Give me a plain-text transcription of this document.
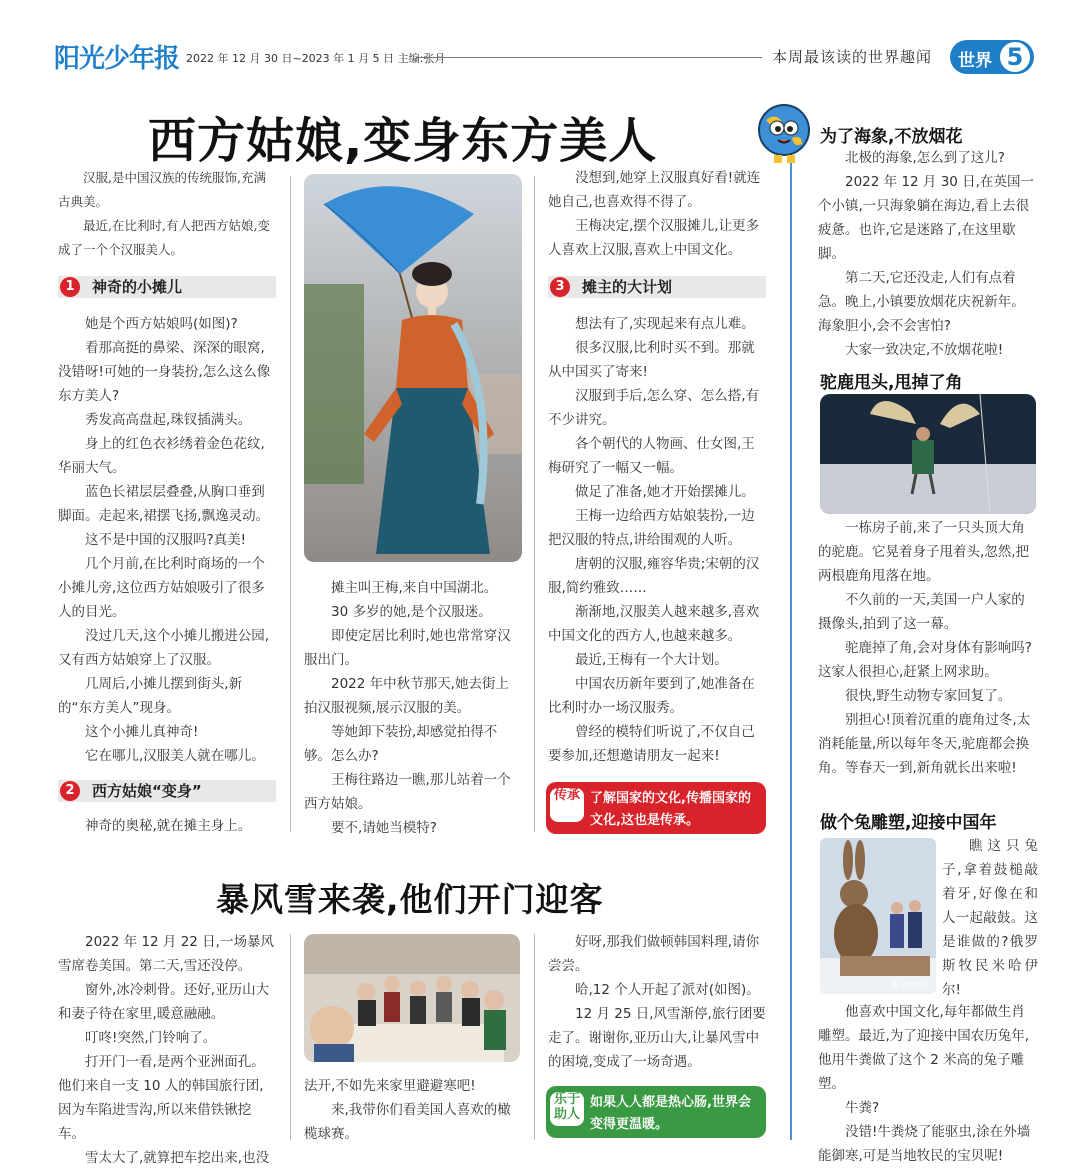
阳光少年报 2022 年 12 月 30 日~2023 年 1 月 5 日 主编:张月	本周最该读的世界趣闻 世界 5
西方姑娘,变身东方美人

汉服,是中国汉族的传统服饰,充满古典美。

最近,在比利时,有人把西方姑娘,变成了一个个汉服美人。

1	神奇的小摊儿

她是个西方姑娘吗(如图)?

看那高挺的鼻梁、深深的眼窝,没错呀!可她的一身装扮,怎么这么像东方美人?

秀发高高盘起,珠钗插满头。

身上的红色衣衫绣着金色花纹,华丽大气。

蓝色长裙层层叠叠,从胸口垂到脚面。走起来,裙摆飞扬,飘逸灵动。

这不是中国的汉服吗?真美!

几个月前,在比利时商场的一个小摊儿旁,这位西方姑娘吸引了很多人的目光。

没过几天,这个小摊儿搬进公园,又有西方姑娘穿上了汉服。

几周后,小摊儿摆到街头,新的“东方美人”现身。

这个小摊儿真神奇!

它在哪儿,汉服美人就在哪儿。

2	西方姑娘“变身”

神奇的奥秘,就在摊主身上。

摊主叫王梅,来自中国湖北。

30 多岁的她,是个汉服迷。

即使定居比利时,她也常常穿汉服出门。

2022 年中秋节那天,她去街上拍汉服视频,展示汉服的美。

等她卸下装扮,却感觉拍得不够。怎么办?

王梅往路边一瞧,那儿站着一个西方姑娘。

要不,请她当模特?

没想到,她穿上汉服真好看!就连她自己,也喜欢得不得了。

王梅决定,摆个汉服摊儿,让更多人喜欢上汉服,喜欢上中国文化。

3	摊主的大计划

想法有了,实现起来有点儿难。

很多汉服,比利时买不到。那就从中国买了寄来!

汉服到手后,怎么穿、怎么搭,有不少讲究。

各个朝代的人物画、仕女图,王梅研究了一幅又一幅。

做足了准备,她才开始摆摊儿。

王梅一边给西方姑娘装扮,一边把汉服的特点,讲给围观的人听。

唐朝的汉服,雍容华贵;宋朝的汉服,简约雅致……

渐渐地,汉服美人越来越多,喜欢中国文化的西方人,也越来越多。

最近,王梅有一个大计划。

中国农历新年要到了,她准备在比利时办一场汉服秀。

曾经的模特们听说了,不仅自己要参加,还想邀请朋友一起来!

传承 了解国家的文化,传播国家的文化,这也是传承。
暴风雪来袭,他们开门迎客

2022 年 12 月 22 日,一场暴风雪席卷美国。第二天,雪还没停。

窗外,冰冷刺骨。还好,亚历山大和妻子待在家里,暖意融融。

叮咚!突然,门铃响了。

打开门一看,是两个亚洲面孔。他们来自一支 10 人的韩国旅行团,因为车陷进雪沟,所以来借铁锹挖车。

雪太大了,就算把车挖出来,也没

法开,不如先来家里避避寒吧!

来,我带你们看美国人喜欢的橄榄球赛。

好呀,那我们做顿韩国料理,请你尝尝。

哈,12 个人开起了派对(如图)。

12 月 25 日,风雪渐停,旅行团要走了。谢谢你,亚历山大,让暴风雪中的困境,变成了一场奇遇。

乐于助人
如果人人都是热心肠,世界会变得更温暖。
为了海象,不放烟花

北极的海象,怎么到了这儿?

2022 年 12 月 30 日,在英国一个小镇,一只海象躺在海边,看上去很疲惫。也许,它是迷路了,在这里歇脚。

第二天,它还没走,人们有点着急。晚上,小镇要放烟花庆祝新年。海象胆小,会不会害怕?

大家一致决定,不放烟花啦!

驼鹿甩头,甩掉了角

一栋房子前,来了一只头顶大角的驼鹿。它晃着身子甩着头,忽然,把两根鹿角甩落在地。

不久前的一天,美国一户人家的摄像头,拍到了这一幕。

驼鹿掉了角,会对身体有影响吗?这家人很担心,赶紧上网求助。

很快,野生动物专家回复了。

别担心!顶着沉重的鹿角过冬,太消耗能量,所以每年冬天,驼鹿都会换角。等春天一到,新角就长出来啦!

做个兔雕塑,迎接中国年
IC photo

瞧这只兔子,拿着鼓槌敲着牙,好像在和人一起敲鼓。这是谁做的?俄罗斯牧民米哈伊尔!

他喜欢中国文化,每年都做生肖雕塑。最近,为了迎接中国农历兔年,他用牛粪做了这个 2 米高的兔子雕塑。

牛粪?

没错!牛粪烧了能驱虫,涂在外墙能御寒,可是当地牧民的宝贝呢!
